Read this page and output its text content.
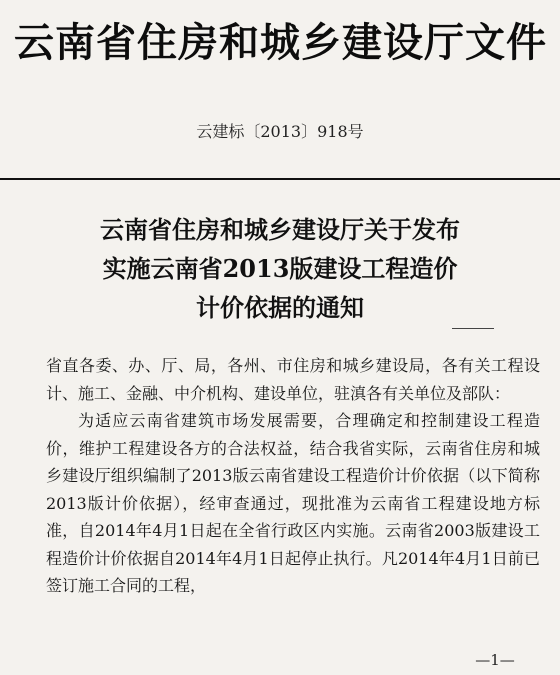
云南省住房和城乡建设厅文件
云建标〔2013〕918号
云南省住房和城乡建设厅关于发布
实施云南省2013版建设工程造价
计价依据的通知

省直各委、办、厅、局，各州、市住房和城乡建设局，各有关工程设计、施工、金融、中介机构、建设单位，驻滇各有关单位及部队：

为适应云南省建筑市场发展需要，合理确定和控制建设工程造价，维护工程建设各方的合法权益，结合我省实际，云南省住房和城乡建设厅组织编制了2013版云南省建设工程造价计价依据（以下简称2013版计价依据），经审查通过，现批准为云南省工程建设地方标准，自2014年4月1日起在全省行政区内实施。云南省2003版建设工程造价计价依据自2014年4月1日起停止执行。凡2014年4月1日前已签订施工合同的工程，

—1—
